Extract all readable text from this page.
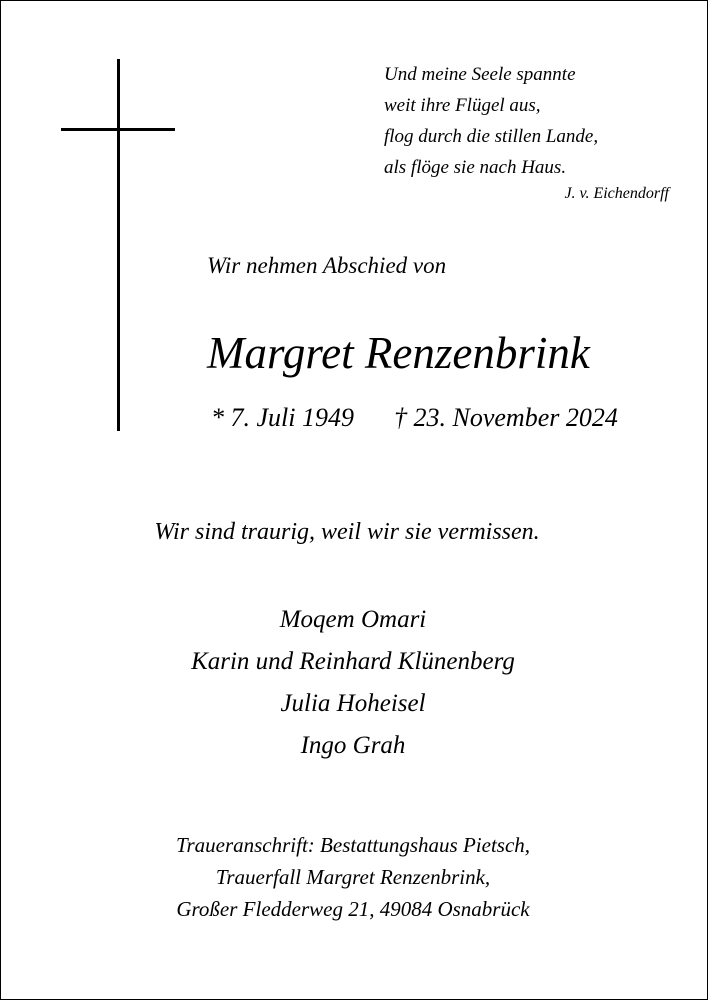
Und meine Seele spannte
weit ihre Flügel aus,
flog durch die stillen Lande,
als flöge sie nach Haus.
J. v. Eichendorff
Wir nehmen Abschied von
Margret Renzenbrink
* 7. Juli 1949 † 23. November 2024
Wir sind traurig, weil wir sie vermissen.
Moqem Omari
Karin und Reinhard Klünenberg
Julia Hoheisel
Ingo Grah
Traueranschrift: Bestattungshaus Pietsch,
Trauerfall Margret Renzenbrink,
Großer Fledderweg 21, 49084 Osnabrück
